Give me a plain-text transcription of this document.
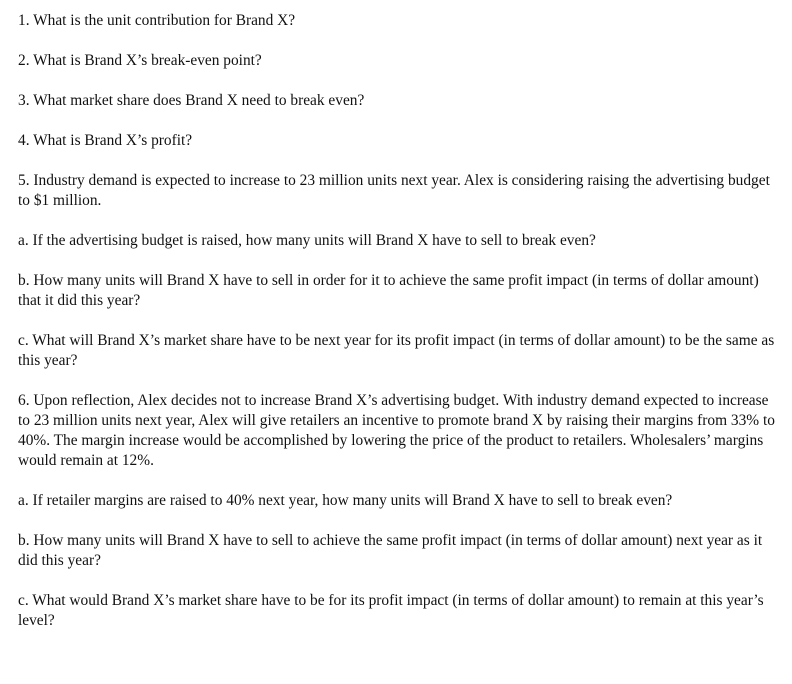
1. What is the unit contribution for Brand X?

2. What is Brand X’s break-even point?

3. What market share does Brand X need to break even?

4. What is Brand X’s profit?

5. Industry demand is expected to increase to 23 million units next year. Alex is considering raising the advertising budget to $1 million.

a. If the advertising budget is raised, how many units will Brand X have to sell to break even?

b. How many units will Brand X have to sell in order for it to achieve the same profit impact (in terms of dollar amount) that it did this year?

c. What will Brand X’s market share have to be next year for its profit impact (in terms of dollar amount) to be the same as this year?

6. Upon reflection, Alex decides not to increase Brand X’s advertising budget. With industry demand expected to increase to 23 million units next year, Alex will give retailers an incentive to promote brand X by raising their margins from 33% to 40%. The margin increase would be accomplished by lowering the price of the product to retailers. Wholesalers’ margins would remain at 12%.

a. If retailer margins are raised to 40% next year, how many units will Brand X have to sell to break even?

b. How many units will Brand X have to sell to achieve the same profit impact (in terms of dollar amount) next year as it did this year?

c. What would Brand X’s market share have to be for its profit impact (in terms of dollar amount) to remain at this year’s level?
